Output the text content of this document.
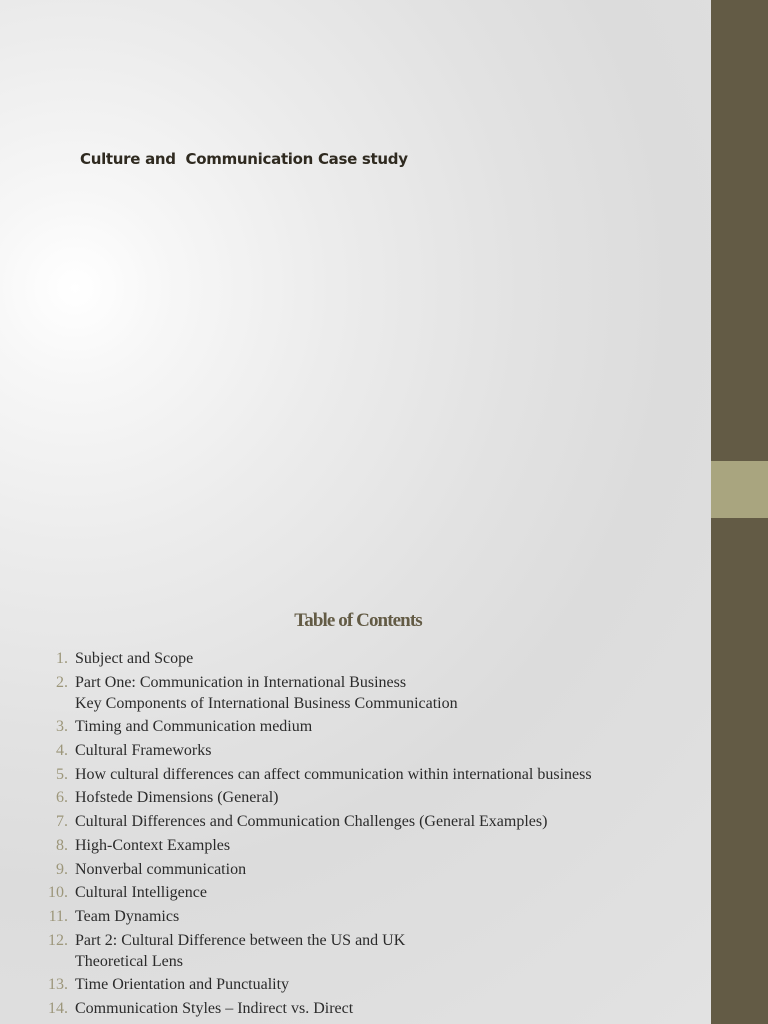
Culture and  Communication Case study
Table of Contents
1. Subject and Scope
2. Part One: Communication in International Business
Key Components of International Business Communication
3. Timing and Communication medium
4. Cultural Frameworks
5. How cultural differences can affect communication within international business
6. Hofstede Dimensions (General)
7. Cultural Differences and Communication Challenges (General Examples)
8. High-Context Examples
9. Nonverbal communication
10. Cultural Intelligence
11. Team Dynamics
12. Part 2: Cultural Difference between the US and UK
Theoretical Lens
13. Time Orientation and Punctuality
14. Communication Styles – Indirect vs. Direct
